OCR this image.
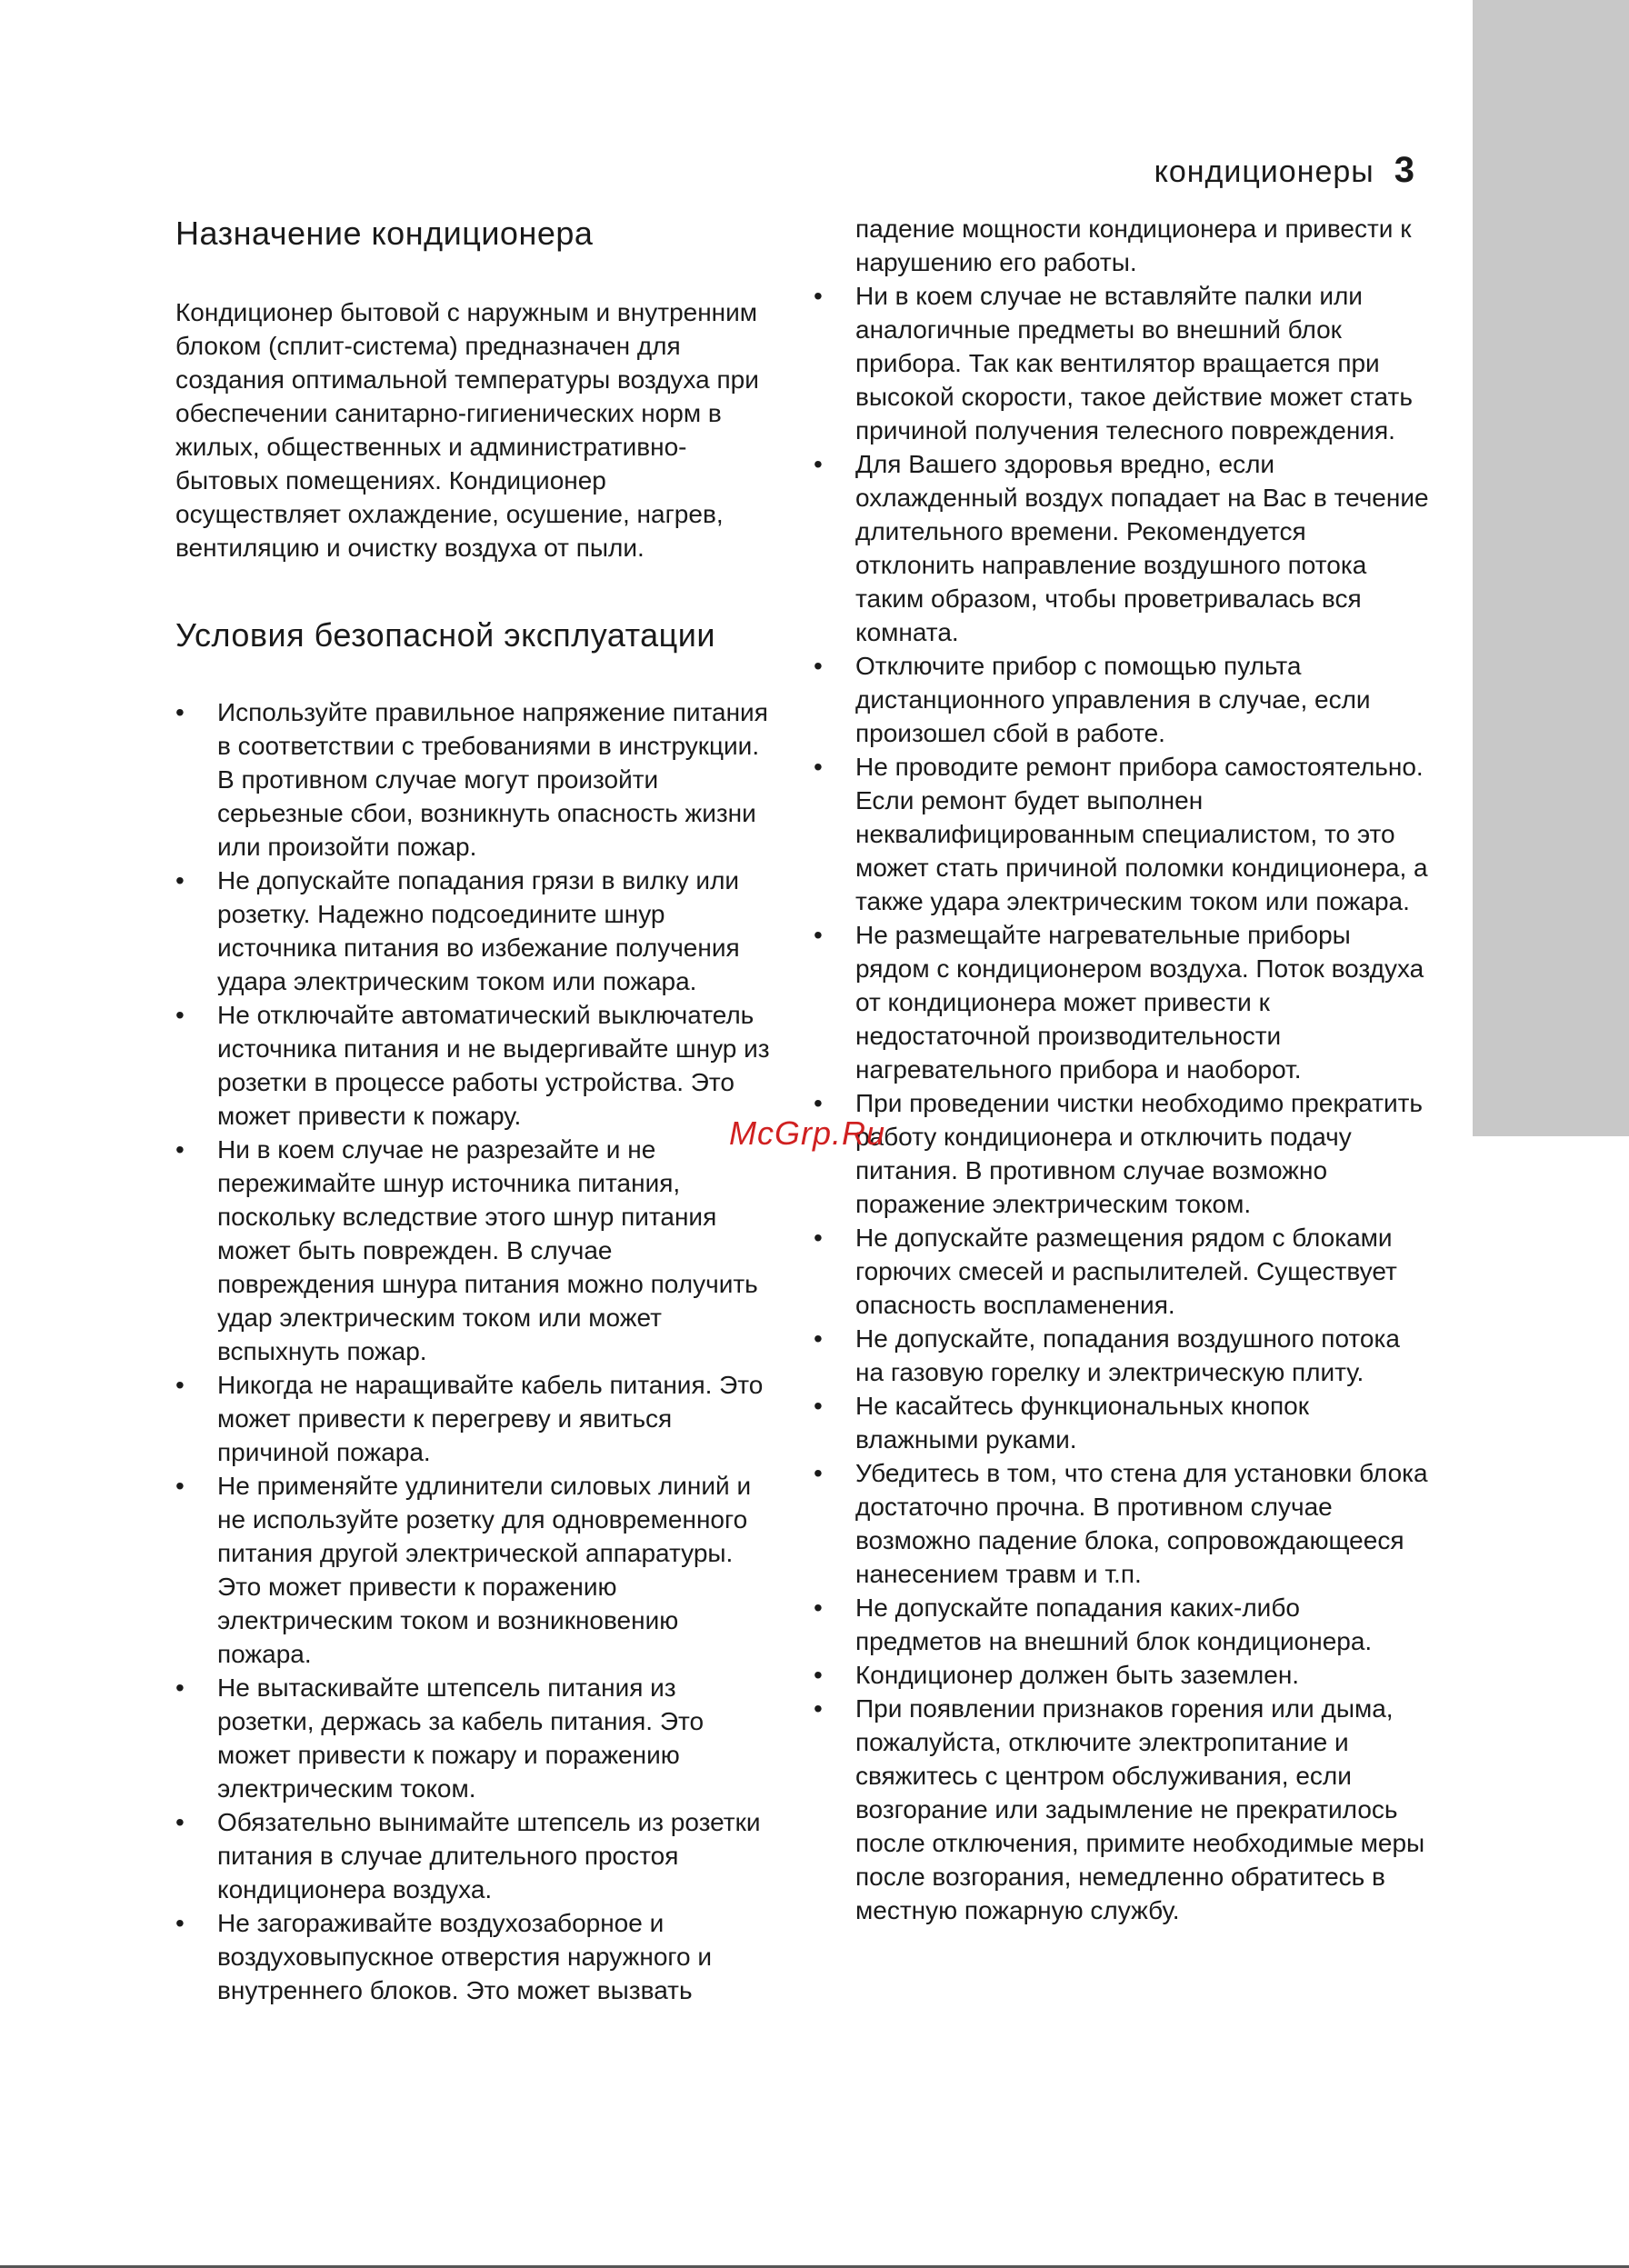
кондиционеры 3
Назначение кондиционера

Кондиционер бытовой с наружным и внутренним блоком (сплит-система) предназначен для создания оптимальной температуры воздуха при обеспечении санитарно-гигиенических норм в жилых, общественных и административно-бытовых помещениях. Кондиционер осуществляет охлаждение, осушение, нагрев, вентиляцию и очистку воздуха от пыли.

Условия безопасной эксплуатации
• Используйте правильное напряжение питания в соответствии с требованиями в инструкции. В противном случае могут произойти серьезные сбои, возникнуть опасность жизни или произойти пожар.
• Не допускайте попадания грязи в вилку или розетку. Надежно подсоедините шнур источника питания во избежание получения удара электрическим током или пожара.
• Не отключайте автоматический выключатель источника питания и не выдергивайте шнур из розетки в процессе работы устройства. Это может привести к пожару.
• Ни в коем случае не разрезайте и не пережимайте шнур источника питания, поскольку вследствие этого шнур питания может быть поврежден. В случае повреждения шнура питания можно получить удар электрическим током или может вспыхнуть пожар.
• Никогда не наращивайте кабель питания. Это может привести к перегреву и явиться причиной пожара.
• Не применяйте удлинители силовых линий и не используйте розетку для одновременного питания другой электрической аппаратуры. Это может привести к поражению электрическим током и возникновению пожара.
• Не вытаскивайте штепсель питания из розетки, держась за кабель питания. Это может привести к пожару и поражению электрическим током.
• Обязательно вынимайте штепсель из розетки питания в случае длительного простоя кондиционера воздуха.
• Не загораживайте воздухозаборное и воздуховыпускное отверстия наружного и внутреннего блоков. Это может вызвать
падение мощности кондиционера и привести к нарушению его работы.
• Ни в коем случае не вставляйте палки или аналогичные предметы во внешний блок прибора. Так как вентилятор вращается при высокой скорости, такое действие может стать причиной получения телесного повреждения.
• Для Вашего здоровья вредно, если охлажденный воздух попадает на Вас в течение длительного времени. Рекомендуется отклонить направление воздушного потока таким образом, чтобы проветривалась вся комната.
• Отключите прибор с помощью пульта дистанционного управления в случае, если произошел сбой в работе.
• Не проводите ремонт прибора самостоятельно. Если ремонт будет выполнен неквалифицированным специалистом, то это может стать причиной поломки кондиционера, а также удара электрическим током или пожара.
• Не размещайте нагревательные приборы рядом с кондиционером воздуха. Поток воздуха от кондиционера может привести к недостаточной производительности нагревательного прибора и наоборот.
• При проведении чистки необходимо прекратить работу кондиционера и отключить подачу питания. В противном случае возможно поражение электрическим током.
• Не допускайте размещения рядом с блоками горючих смесей и распылителей. Существует опасность воспламенения.
• Не допускайте, попадания воздушного потока на газовую горелку и электрическую плиту.
• Не касайтесь функциональных кнопок влажными руками.
• Убедитесь в том, что стена для установки блока достаточно прочна. В противном случае возможно падение блока, сопровождающееся нанесением травм и т.п.
• Не допускайте попадания каких-либо предметов на внешний блок кондиционера.
• Кондиционер должен быть заземлен.
• При появлении признаков горения или дыма, пожалуйста, отключите электропитание и свяжитесь с центром обслуживания, если возгорание или задымление не прекратилось после отключения, примите необходимые меры после возгорания, немедленно обратитесь в местную пожарную службу.
McGrp.Ru
